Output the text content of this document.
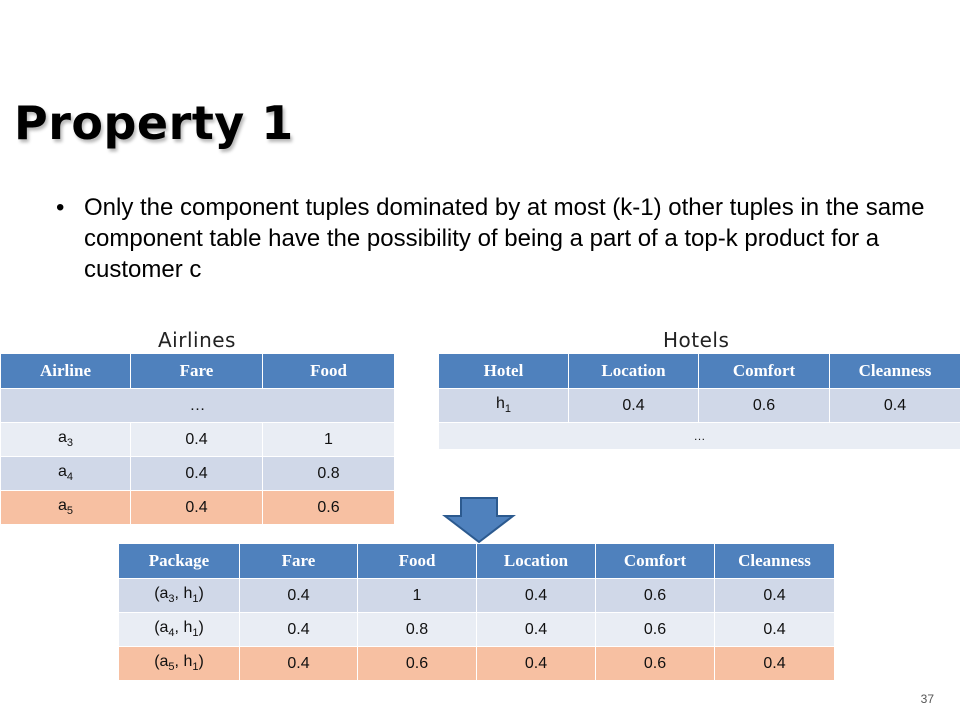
Property 1
• Only the component tuples dominated by at most (k-1) other tuples in the same component table have the possibility of being a part of a top-k product for a customer c
Airlines
Airline	Fare	Food
…		
$a_3$	0.4	1
$a_4$	0.4	0.8
$a_5$	0.4	0.6
Hotels
Hotel	Location	Comfort	Cleanness
$h_1$	0.4	0.6	0.4
…			
Package	Fare	Food	Location	Comfort	Cleanness
($a_3$, $h_1$)	0.4	1	0.4	0.6	0.4
($a_4$, $h_1$)	0.4	0.8	0.4	0.6	0.4
($a_5$, $h_1$)	0.4	0.6	0.4	0.6	0.4
37
